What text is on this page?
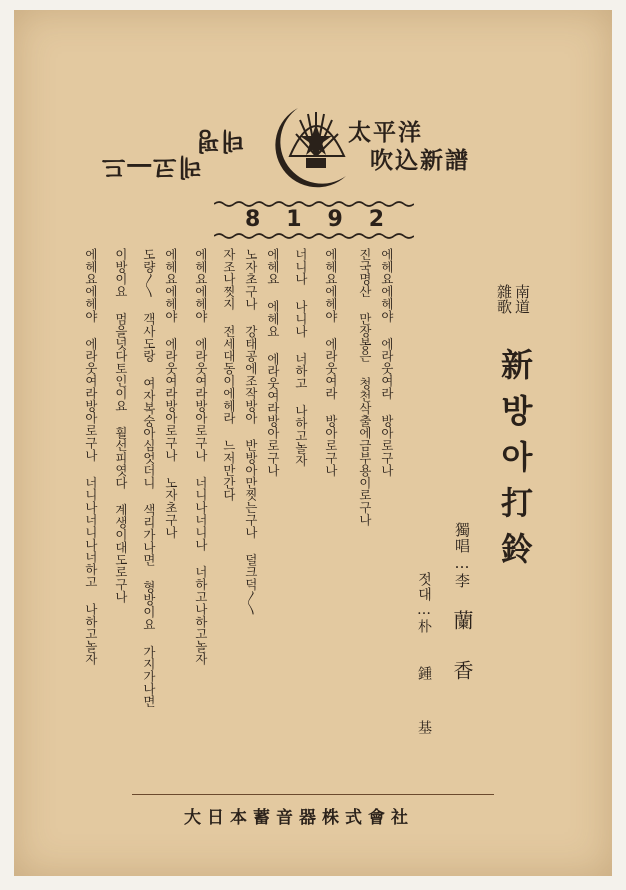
太平洋
吹込新譜
태평
레코―드
8 1 9 2
南道
雜歌
新방아打鈴
獨唱…李
蘭香
젓대…朴
鍾基
에헤요에헤야 에라웃여라 방아로구나
진국명산 만장봉은 청천삭출에금부용이로구나
에헤요에헤야 에라웃여라 방아로구나
너니나 나니나 너하고 나하고놀자
에헤요 에헤요 에라웃여라방아로구나
노자초구나 강태공에조작방아 반방아만찟는구나 덜크덕〳〵
자조나찟지 전세대동이에헤라 느저만간다
에헤요에헤야 에라웃여라방아로구나 너니나너니나 너하고나하고놀자
에헤요에헤야 에라웃여라방아로구나 노자초구나
도량〳〵 객사도랑 여자복숭아심엇더니 색리가나면 형방이요 가지가나면
이방이요 멈을넛다토인이요 훨선피엿다 계생이대도로구나
에헤요에헤야 에라웃여라방아로구나 너니나너니나너하고 나하고놀자
大日本蓄音器株式會社
